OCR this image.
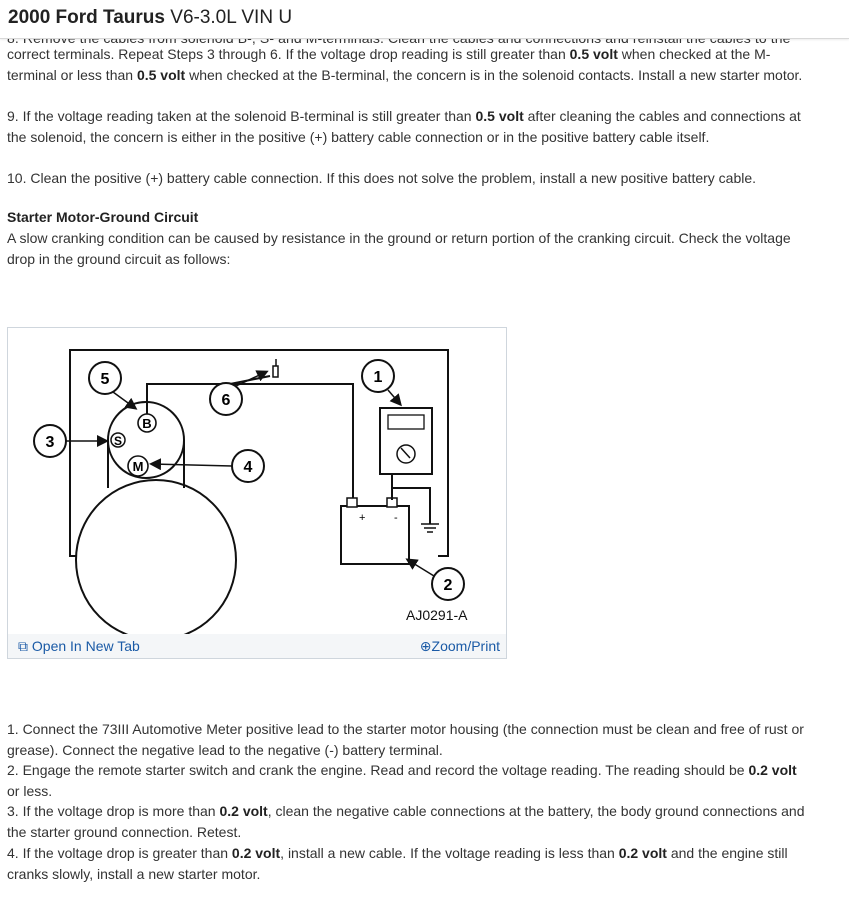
2000 Ford Taurus V6-3.0L VIN U
correct terminals. Repeat Steps 3 through 6. If the voltage drop reading is still greater than 0.5 volt when checked at the M-terminal or less than 0.5 volt when checked at the B-terminal, the concern is in the solenoid contacts. Install a new starter motor.
9. If the voltage reading taken at the solenoid B-terminal is still greater than 0.5 volt after cleaning the cables and connections at the solenoid, the concern is either in the positive (+) battery cable connection or in the positive battery cable itself.
10. Clean the positive (+) battery cable connection. If this does not solve the problem, install a new positive battery cable.
Starter Motor-Ground Circuit
A slow cranking condition can be caused by resistance in the ground or return portion of the cranking circuit. Check the voltage drop in the ground circuit as follows:
B
M
S
+	-
5
6
1
3
4
2
AJ0291-A
⧉ Open In New Tab	⊕Zoom/Print
1. Connect the 73III Automotive Meter positive lead to the starter motor housing (the connection must be clean and free of rust or grease). Connect the negative lead to the negative (-) battery terminal.
2. Engage the remote starter switch and crank the engine. Read and record the voltage reading. The reading should be 0.2 volt or less.
3. If the voltage drop is more than 0.2 volt, clean the negative cable connections at the battery, the body ground connections and the starter ground connection. Retest.
4. If the voltage drop is greater than 0.2 volt, install a new cable. If the voltage reading is less than 0.2 volt and the engine still cranks slowly, install a new starter motor.
